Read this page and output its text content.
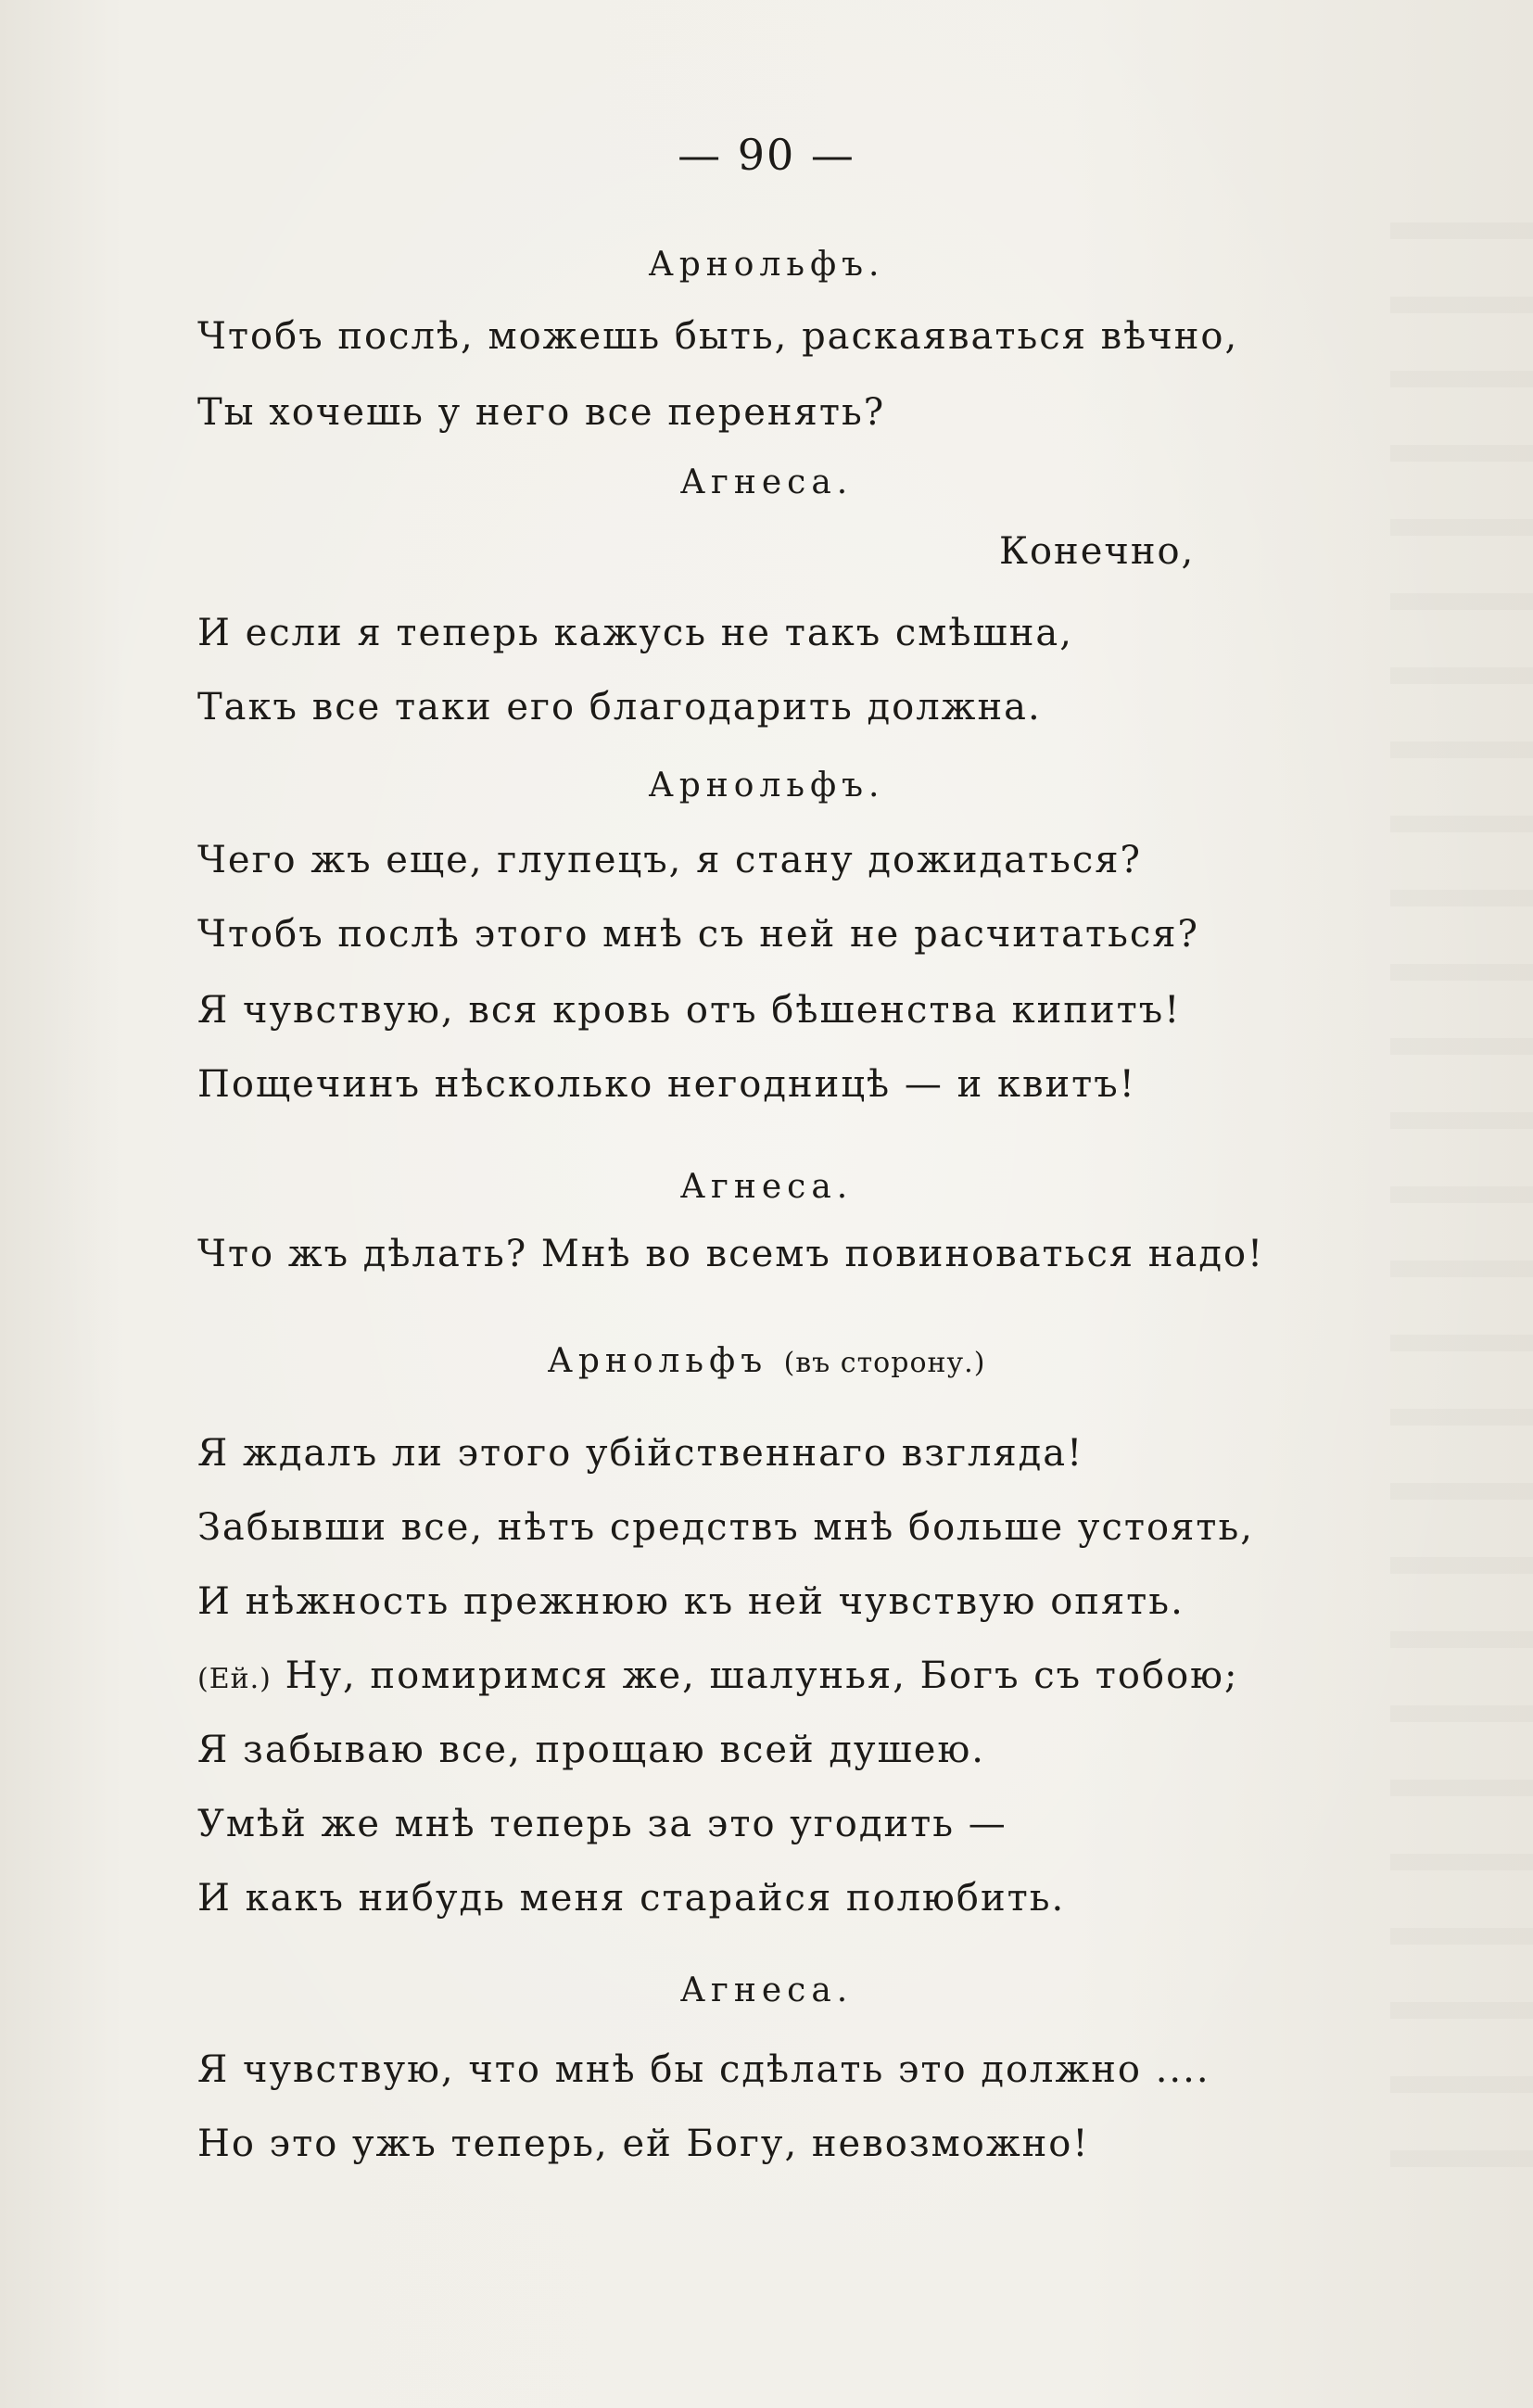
— 90 —
Арнольфъ.
Чтобъ послѣ, можешь быть, раскаяваться вѣчно,
Ты хочешь у него все перенять?
Агнеса.
Конечно,
И если я теперь кажусь не такъ смѣшна,
Такъ все таки его благодарить должна.
Арнольфъ.
Чего жъ еще, глупецъ, я стану дожидаться?
Чтобъ послѣ этого мнѣ съ ней не расчитаться?
Я чувствую, вся кровь отъ бѣшенства кипитъ!
Пощечинъ нѣсколько негодницѣ — и квитъ!
Агнеса.
Что жъ дѣлать? Мнѣ во всемъ повиноваться надо!
Арнольфъ (въ сторону.)
Я ждалъ ли этого убійственнаго взгляда!
Забывши все, нѣтъ средствъ мнѣ больше устоять,
И нѣжность прежнюю къ ней чувствую опять.
(Ей.) Ну, помиримся же, шалунья, Богъ съ тобою;
Я забываю все, прощаю всей душею.
Умѣй же мнѣ теперь за это угодить —
И какъ нибудь меня старайся полюбить.
Агнеса.
Я чувствую, что мнѣ бы сдѣлать это должно ....
Но это ужъ теперь, ей Богу, невозможно!
